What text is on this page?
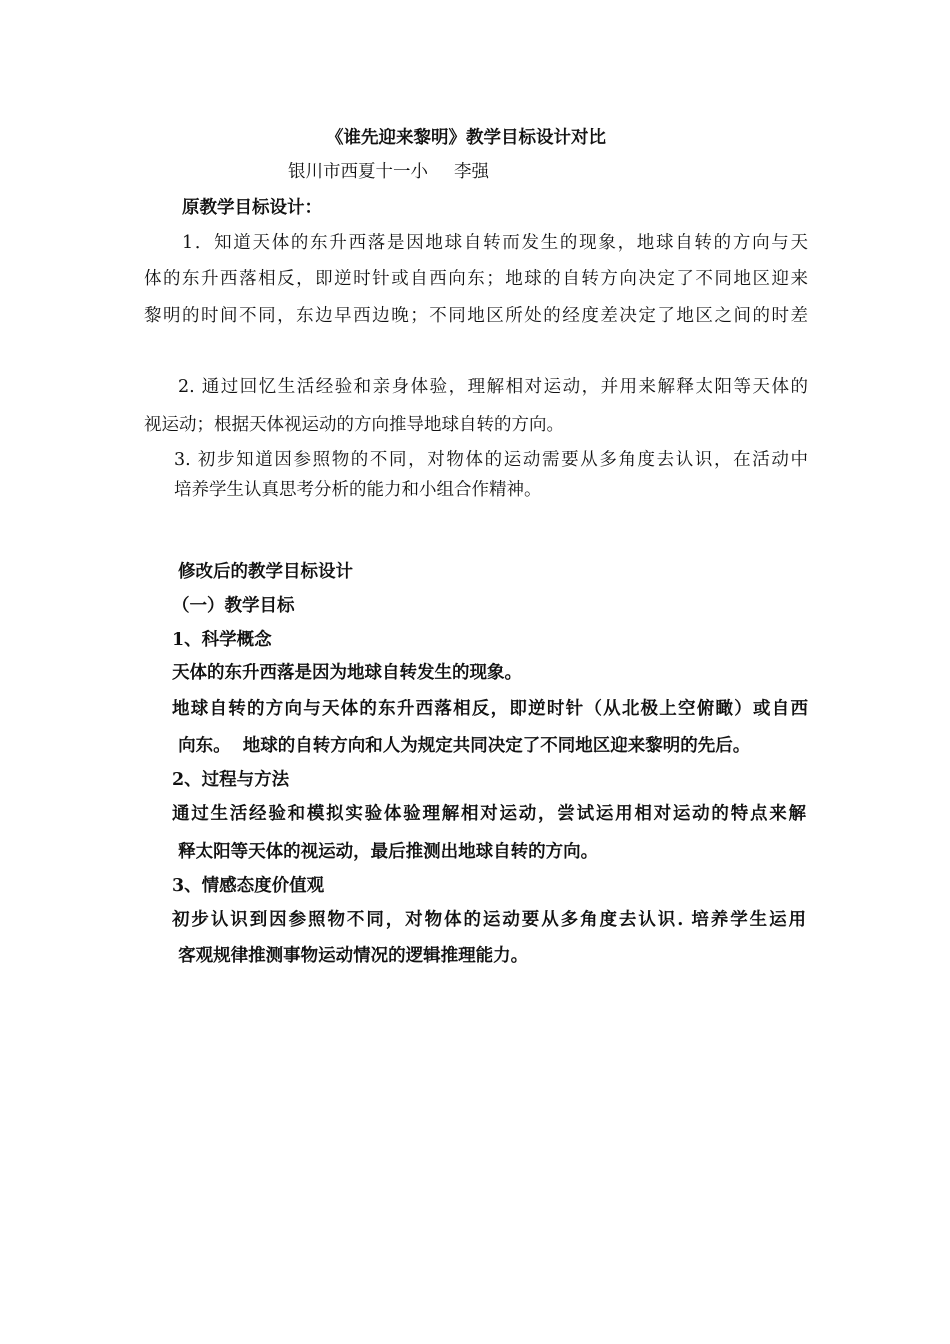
《谁先迎来黎明》教学目标设计对比

银川市西夏十一小 李强

原教学目标设计：

1．知道天体的东升西落是因地球自转而发生的现象，地球自转的方向与天

体的东升西落相反，即逆时针或自西向东；地球的自转方向决定了不同地区迎来

黎明的时间不同，东边早西边晚；不同地区所处的经度差决定了地区之间的时差

2. 通过回忆生活经验和亲身体验，理解相对运动，并用来解释太阳等天体的

视运动；根据天体视运动的方向推导地球自转的方向。

3. 初步知道因参照物的不同，对物体的运动需要从多角度去认识，在活动中

培养学生认真思考分析的能力和小组合作精神。

修改后的教学目标设计

（一）教学目标

1、科学概念

天体的东升西落是因为地球自转发生的现象。

地球自转的方向与天体的东升西落相反，即逆时针（从北极上空俯瞰）或自西

向东。  地球的自转方向和人为规定共同决定了不同地区迎来黎明的先后。

2、过程与方法

通过生活经验和模拟实验体验理解相对运动，尝试运用相对运动的特点来解

释太阳等天体的视运动，最后推测出地球自转的方向。

3、情感态度价值观

初步认识到因参照物不同，对物体的运动要从多角度去认识. 培养学生运用

客观规律推测事物运动情况的逻辑推理能力。
